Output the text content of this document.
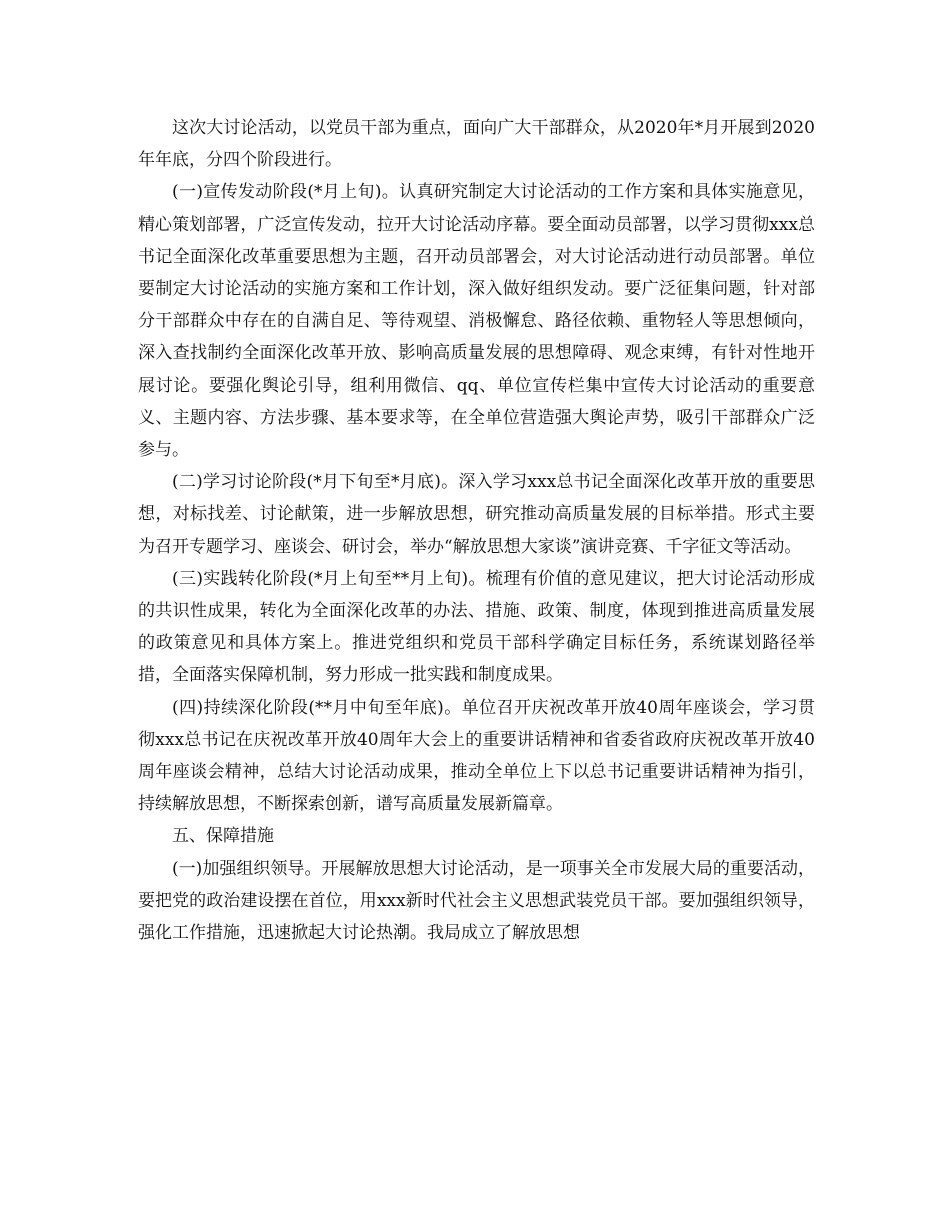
这次大讨论活动，以党员干部为重点，面向广大干部群众，从2020年*月开展到2020年年底，分四个阶段进行。

(一)宣传发动阶段(*月上旬)。认真研究制定大讨论活动的工作方案和具体实施意见，精心策划部署，广泛宣传发动，拉开大讨论活动序幕。要全面动员部署，以学习贯彻xxx总书记全面深化改革重要思想为主题，召开动员部署会，对大讨论活动进行动员部署。单位要制定大讨论活动的实施方案和工作计划，深入做好组织发动。要广泛征集问题，针对部分干部群众中存在的自满自足、等待观望、消极懈怠、路径依赖、重物轻人等思想倾向，深入查找制约全面深化改革开放、影响高质量发展的思想障碍、观念束缚，有针对性地开展讨论。要强化舆论引导，组利用微信、qq、单位宣传栏集中宣传大讨论活动的重要意义、主题内容、方法步骤、基本要求等，在全单位营造强大舆论声势，吸引干部群众广泛参与。

(二)学习讨论阶段(*月下旬至*月底)。深入学习xxx总书记全面深化改革开放的重要思想，对标找差、讨论献策，进一步解放思想，研究推动高质量发展的目标举措。形式主要为召开专题学习、座谈会、研讨会，举办“解放思想大家谈”演讲竞赛、千字征文等活动。

(三)实践转化阶段(*月上旬至**月上旬)。梳理有价值的意见建议，把大讨论活动形成的共识性成果，转化为全面深化改革的办法、措施、政策、制度，体现到推进高质量发展的政策意见和具体方案上。推进党组织和党员干部科学确定目标任务，系统谋划路径举措，全面落实保障机制，努力形成一批实践和制度成果。

(四)持续深化阶段(**月中旬至年底)。单位召开庆祝改革开放40周年座谈会，学习贯彻xxx总书记在庆祝改革开放40周年大会上的重要讲话精神和省委省政府庆祝改革开放40周年座谈会精神，总结大讨论活动成果，推动全单位上下以总书记重要讲话精神为指引，持续解放思想，不断探索创新，谱写高质量发展新篇章。

五、保障措施

(一)加强组织领导。开展解放思想大讨论活动，是一项事关全市发展大局的重要活动，要把党的政治建设摆在首位，用xxx新时代社会主义思想武装党员干部。要加强组织领导，强化工作措施，迅速掀起大讨论热潮。我局成立了解放思想
